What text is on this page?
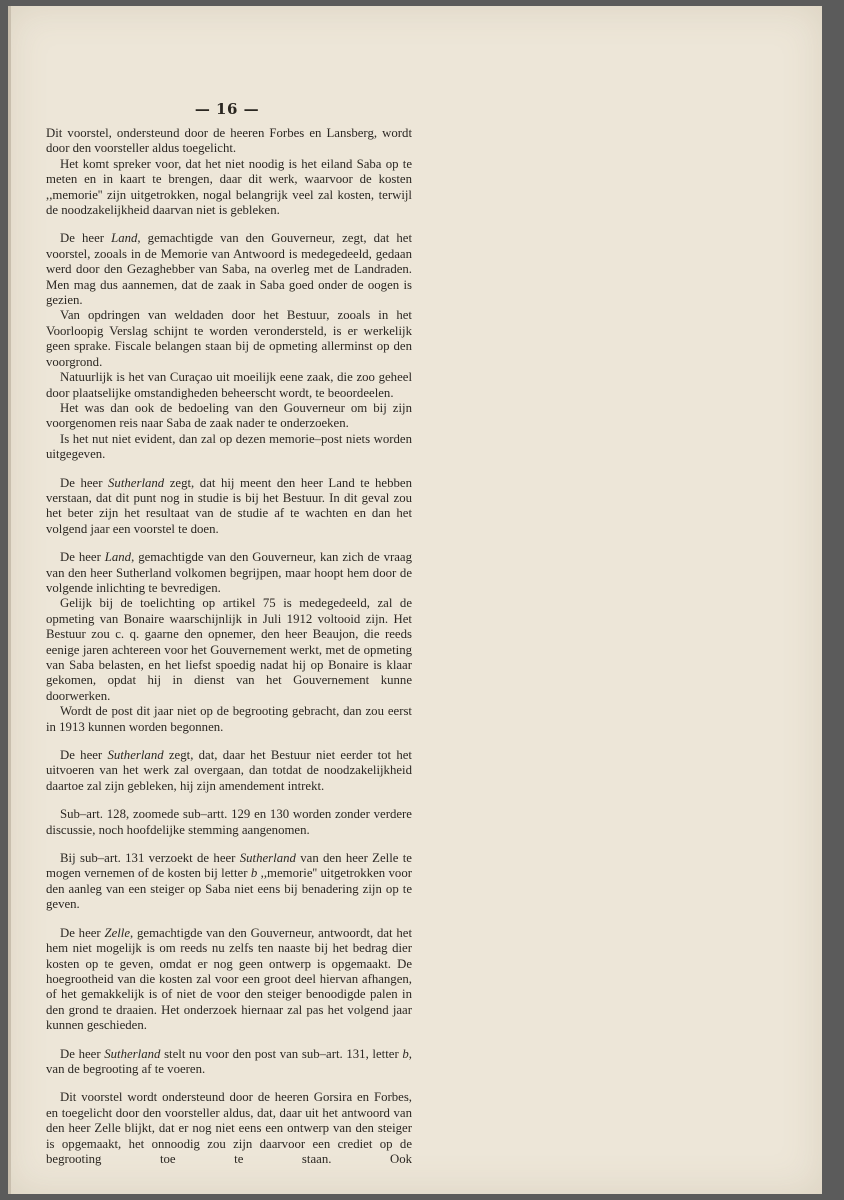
— 16 —

Dit voorstel, ondersteund door de heeren Forbes en Lansberg, wordt door den voorsteller aldus toegelicht.

Het komt spreker voor, dat het niet noodig is het eiland Saba op te meten en in kaart te brengen, daar dit werk, waarvoor de kosten ,,memorie'' zijn uitgetrokken, nogal belangrijk veel zal kosten, terwijl de noodzakelijkheid daarvan niet is gebleken.

De heer Land, gemachtigde van den Gouverneur, zegt, dat het voorstel, zooals in de Memorie van Antwoord is medegedeeld, gedaan werd door den Gezaghebber van Saba, na overleg met de Landraden. Men mag dus aannemen, dat de zaak in Saba goed onder de oogen is gezien.

Van opdringen van weldaden door het Bestuur, zooals in het Voorloopig Verslag schijnt te worden verondersteld, is er werkelijk geen sprake. Fiscale belangen staan bij de opmeting allerminst op den voorgrond.

Natuurlijk is het van Curaçao uit moeilijk eene zaak, die zoo geheel door plaatselijke omstandigheden beheerscht wordt, te beoordeelen.

Het was dan ook de bedoeling van den Gouverneur om bij zijn voorgenomen reis naar Saba de zaak nader te onderzoeken.

Is het nut niet evident, dan zal op dezen memorie–post niets worden uitgegeven.

De heer Sutherland zegt, dat hij meent den heer Land te hebben verstaan, dat dit punt nog in studie is bij het Bestuur. In dit geval zou het beter zijn het resultaat van de studie af te wachten en dan het volgend jaar een voorstel te doen.

De heer Land, gemachtigde van den Gouverneur, kan zich de vraag van den heer Sutherland volkomen begrijpen, maar hoopt hem door de volgende inlichting te bevredigen.

Gelijk bij de toelichting op artikel 75 is medegedeeld, zal de opmeting van Bonaire waarschijnlijk in Juli 1912 voltooid zijn. Het Bestuur zou c. q. gaarne den opnemer, den heer Beaujon, die reeds eenige jaren achtereen voor het Gouvernement werkt, met de opmeting van Saba belasten, en het liefst spoedig nadat hij op Bonaire is klaar gekomen, opdat hij in dienst van het Gouvernement kunne doorwerken.

Wordt de post dit jaar niet op de begrooting gebracht, dan zou eerst in 1913 kunnen worden begonnen.

De heer Sutherland zegt, dat, daar het Bestuur niet eerder tot het uitvoeren van het werk zal overgaan, dan totdat de noodzakelijkheid daartoe zal zijn gebleken, hij zijn amendement intrekt.

Sub–art. 128, zoomede sub–artt. 129 en 130 worden zonder verdere discussie, noch hoofdelijke stemming aangenomen.

Bij sub–art. 131 verzoekt de heer Sutherland van den heer Zelle te mogen vernemen of de kosten bij letter b ,,memorie'' uitgetrokken voor den aanleg van een steiger op Saba niet eens bij benadering zijn op te geven.

De heer Zelle, gemachtigde van den Gouverneur, antwoordt, dat het hem niet mogelijk is om reeds nu zelfs ten naaste bij het bedrag dier kosten op te geven, omdat er nog geen ontwerp is opgemaakt. De hoegrootheid van die kosten zal voor een groot deel hiervan afhangen, of het gemakkelijk is of niet de voor den steiger benoodigde palen in den grond te draaien. Het onderzoek hiernaar zal pas het volgend jaar kunnen geschieden.

De heer Sutherland stelt nu voor den post van sub–art. 131, letter b, van de begrooting af te voeren.

Dit voorstel wordt ondersteund door de heeren Gorsira en Forbes, en toegelicht door den voorsteller aldus, dat, daar uit het antwoord van den heer Zelle blijkt, dat er nog niet eens een ontwerp van den steiger is opgemaakt, het onnoodig zou zijn daarvoor een crediet op de begrooting toe te staan. Ook
